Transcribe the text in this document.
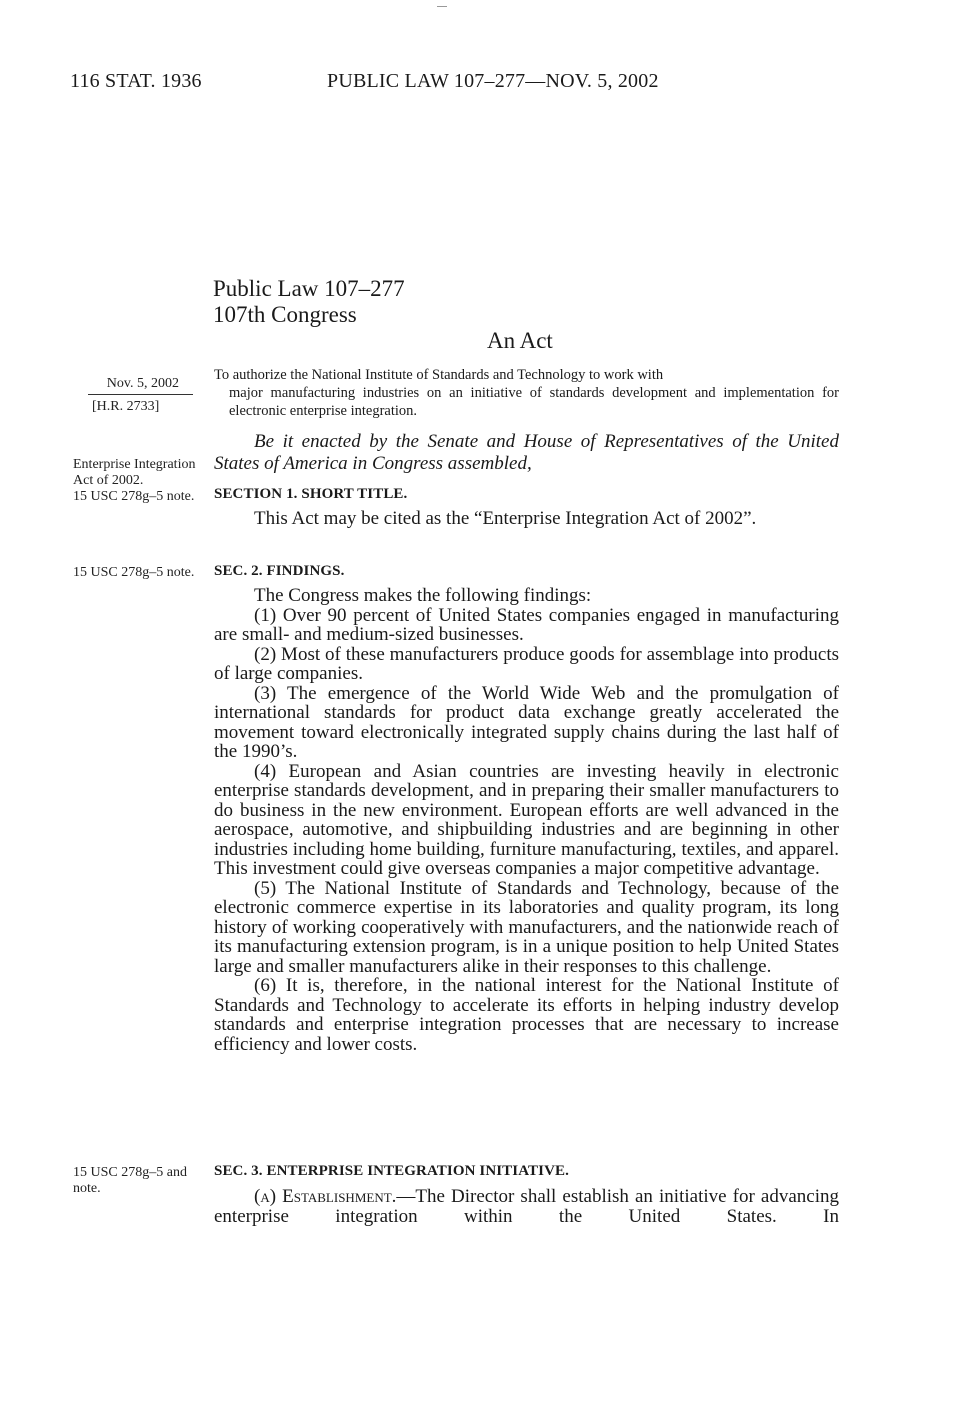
116 STAT. 1936	PUBLIC LAW 107–277—NOV. 5, 2002
Public Law 107–277
107th Congress
An Act
Nov. 5, 2002
[H.R. 2733]
Enterprise Integration Act of 2002.
15 USC 278g–5 note.
15 USC 278g–5 note.
15 USC 278g–5 and note.
To authorize the National Institute of Standards and Technology to work with
major manufacturing industries on an initiative of standards development and implementation for electronic enterprise integration.
Be it enacted by the Senate and House of Representatives of the United States of America in Congress assembled,
SECTION 1. SHORT TITLE.
This Act may be cited as the “Enterprise Integration Act of 2002”.
SEC. 2. FINDINGS.

The Congress makes the following findings:

(1) Over 90 percent of United States companies engaged in manufacturing are small- and medium-sized businesses.

(2) Most of these manufacturers produce goods for assemblage into products of large companies.

(3) The emergence of the World Wide Web and the promulgation of international standards for product data exchange greatly accelerated the movement toward electronically integrated supply chains during the last half of the 1990’s.

(4) European and Asian countries are investing heavily in electronic enterprise standards development, and in preparing their smaller manufacturers to do business in the new environment. European efforts are well advanced in the aerospace, automotive, and shipbuilding industries and are beginning in other industries including home building, furniture manufacturing, textiles, and apparel. This investment could give overseas companies a major competitive advantage.

(5) The National Institute of Standards and Technology, because of the electronic commerce expertise in its laboratories and quality program, its long history of working cooperatively with manufacturers, and the nationwide reach of its manufacturing extension program, is in a unique position to help United States large and smaller manufacturers alike in their responses to this challenge.

(6) It is, therefore, in the national interest for the National Institute of Standards and Technology to accelerate its efforts in helping industry develop standards and enterprise integration processes that are necessary to increase efficiency and lower costs.

SEC. 3. ENTERPRISE INTEGRATION INITIATIVE.
(a) Establishment.—The Director shall establish an initiative for advancing enterprise integration within the United States. In
